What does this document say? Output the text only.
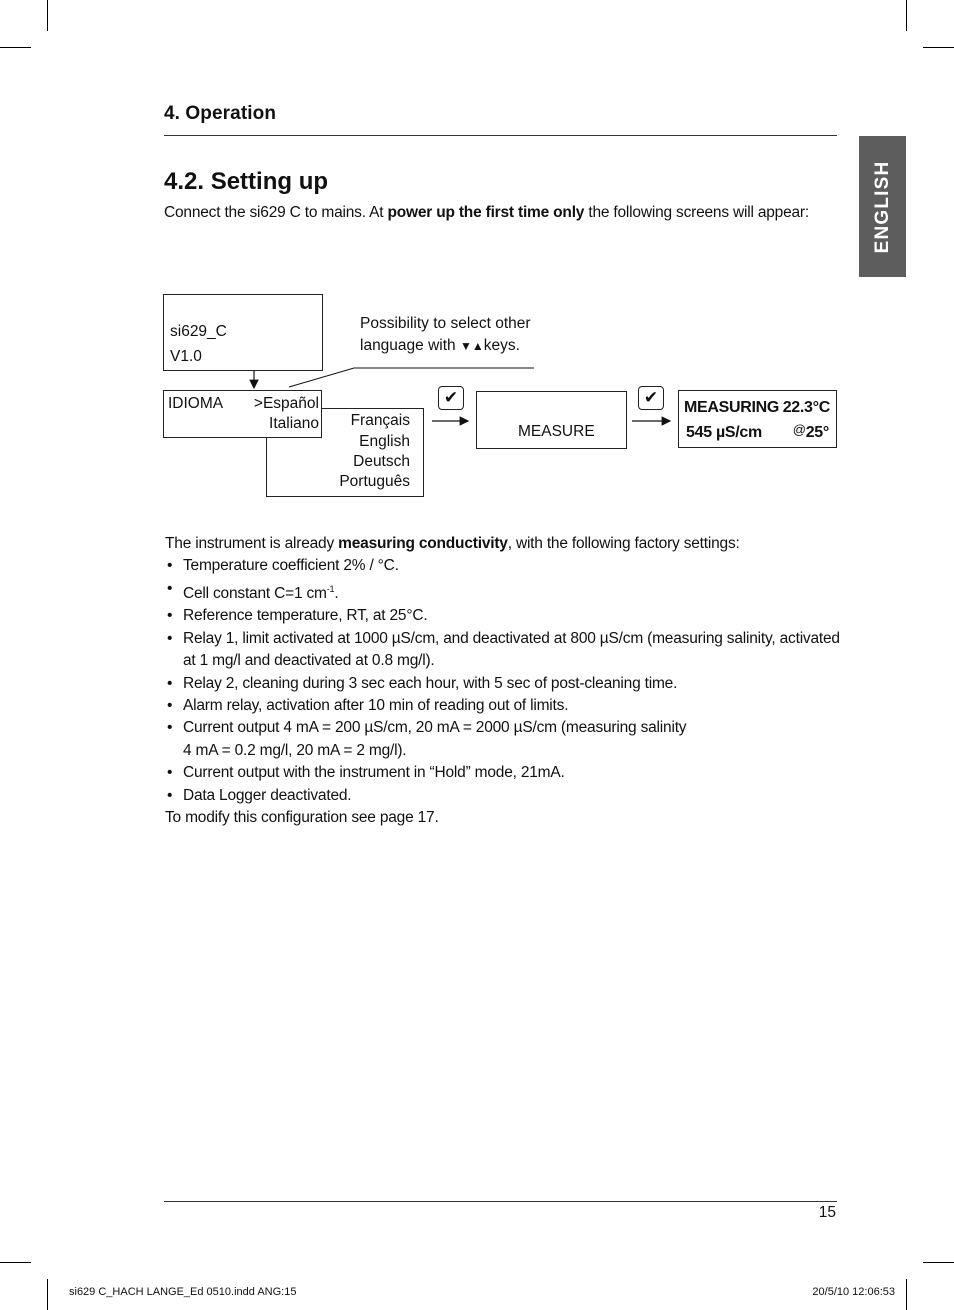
4. Operation
ENGLISH
4.2. Setting up
Connect the si629 C to mains. At power up the first time only the following screens will appear:
si629_C
V1.0
Possibility to select other
language with ▼▲keys.
Français
English
Deutsch
Português
IDIOMA >Español
Italiano
✔	✔
MEASURE
MEASURING 22.3°C
545 µS/cm @25°

The instrument is already measuring conductivity, with the following factory settings:

• Temperature coefficient 2% / °C.
• Cell constant C=1 $cm^{-1}$.
• Reference temperature, RT, at 25°C.
• Relay 1, limit activated at 1000 µS/cm, and deactivated at 800 µS/cm (measuring salinity, activated at 1 mg/l and deactivated at 0.8 mg/l).
• Relay 2, cleaning during 3 sec each hour, with 5 sec of post-cleaning time.
• Alarm relay, activation after 10 min of reading out of limits.
• Current output 4 mA = 200 µS/cm, 20 mA = 2000 µS/cm (measuring salinity
4 mA = 0.2 mg/l, 20 mA = 2 mg/l).
• Current output with the instrument in “Hold” mode, 21mA.
• Data Logger deactivated.

To modify this configuration see page 17.

15
si629 C_HACH LANGE_Ed 0510.indd ANG:15	20/5/10 12:06:53
